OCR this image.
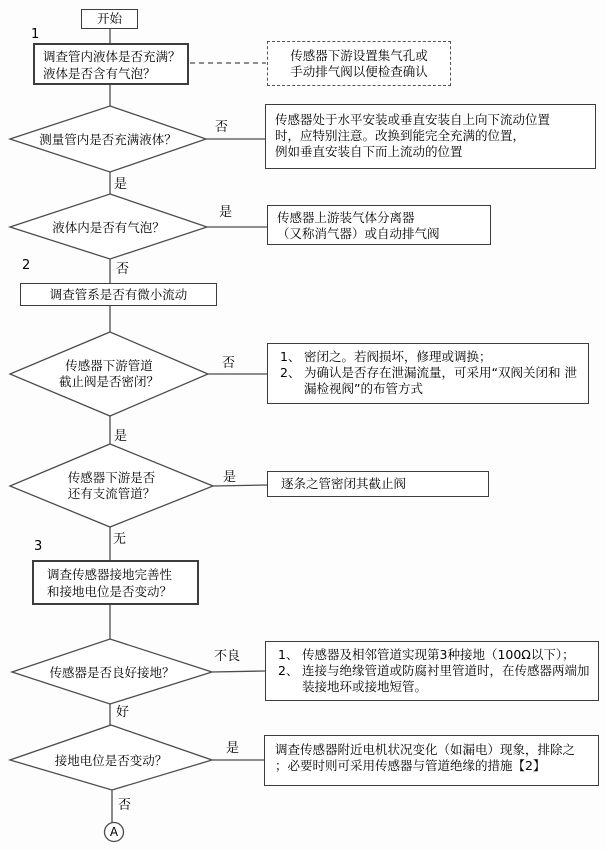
开始
1
调查管内液体是否充满？
液体是否含有气泡？
传感器下游设置集气孔或
手动排气阀以便检查确认
测量管内是否充满液体？
传感器处于水平安装或垂直安装自上向下流动位置
时，应特别注意。改换到能完全充满的位置，
例如垂直安装自下而上流动的位置
液体内是否有气泡？
传感器上游装气体分离器
（又称消气器）或自动排气阀
2
调查管系是否有微小流动
传感器下游管道
截止阀是否密闭？
1、 密闭之。若阀损坏，修理或调换；
2、 为确认是否存在泄漏流量，可采用“双阀关闭和 泄漏检视阀”的布管方式
传感器下游是否
还有支流管道？
逐条之管密闭其截止阀
3
调查传感器接地完善性
和接地电位是否变动？
传感器是否良好接地？
1、 传感器及相邻管道实现第3种接地（100Ω以下）；
2、 连接与绝缘管道或防腐衬里管道时，在传感器两端加装接地环或接地短管。
接地电位是否变动？
调查传感器附近电机状况变化（如漏电）现象，排除之
；必要时则可采用传感器与管道绝缘的措施【2】
否
是
是
否
否
是
是
无
不良
好
是
否
A
